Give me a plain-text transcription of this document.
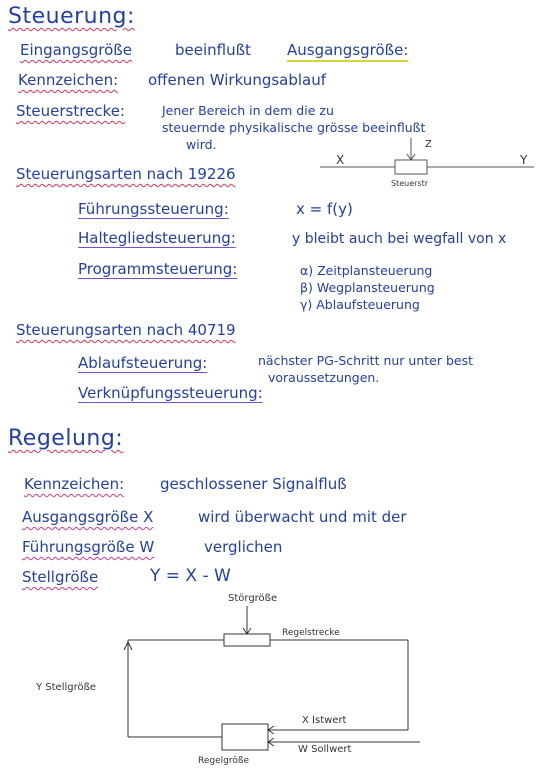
Steuerung:
Eingangsgröße	beeinflußt Ausgangsgröße:
Kennzeichen: offenen Wirkungsablauf
Steuerstrecke:	Jener Bereich in dem die zu
steuernde physikalische grösse beeinflußt
wird.
X
Z
Y
Steuerstr
Steuerungsarten nach 19226
Führungssteuerung:	x = f(y)
Haltegliedsteuerung:	y bleibt auch bei wegfall von x
Programmsteuerung:	α) Zeitplansteuerung
β) Wegplansteuerung
γ) Ablaufsteuerung
Steuerungsarten nach 40719
Ablaufsteuerung:	nächster PG-Schritt nur unter best
voraussetzungen.
Verknüpfungssteuerung:
Regelung:
Kennzeichen: geschlossener Signalfluß
Ausgangsgröße X	wird überwacht und mit der
Führungsgröße W	verglichen
Stellgröße	Y = X - W
Störgröße
Regelstrecke
Y Stellgröße
X Istwert
W Sollwert
Regelgröße
